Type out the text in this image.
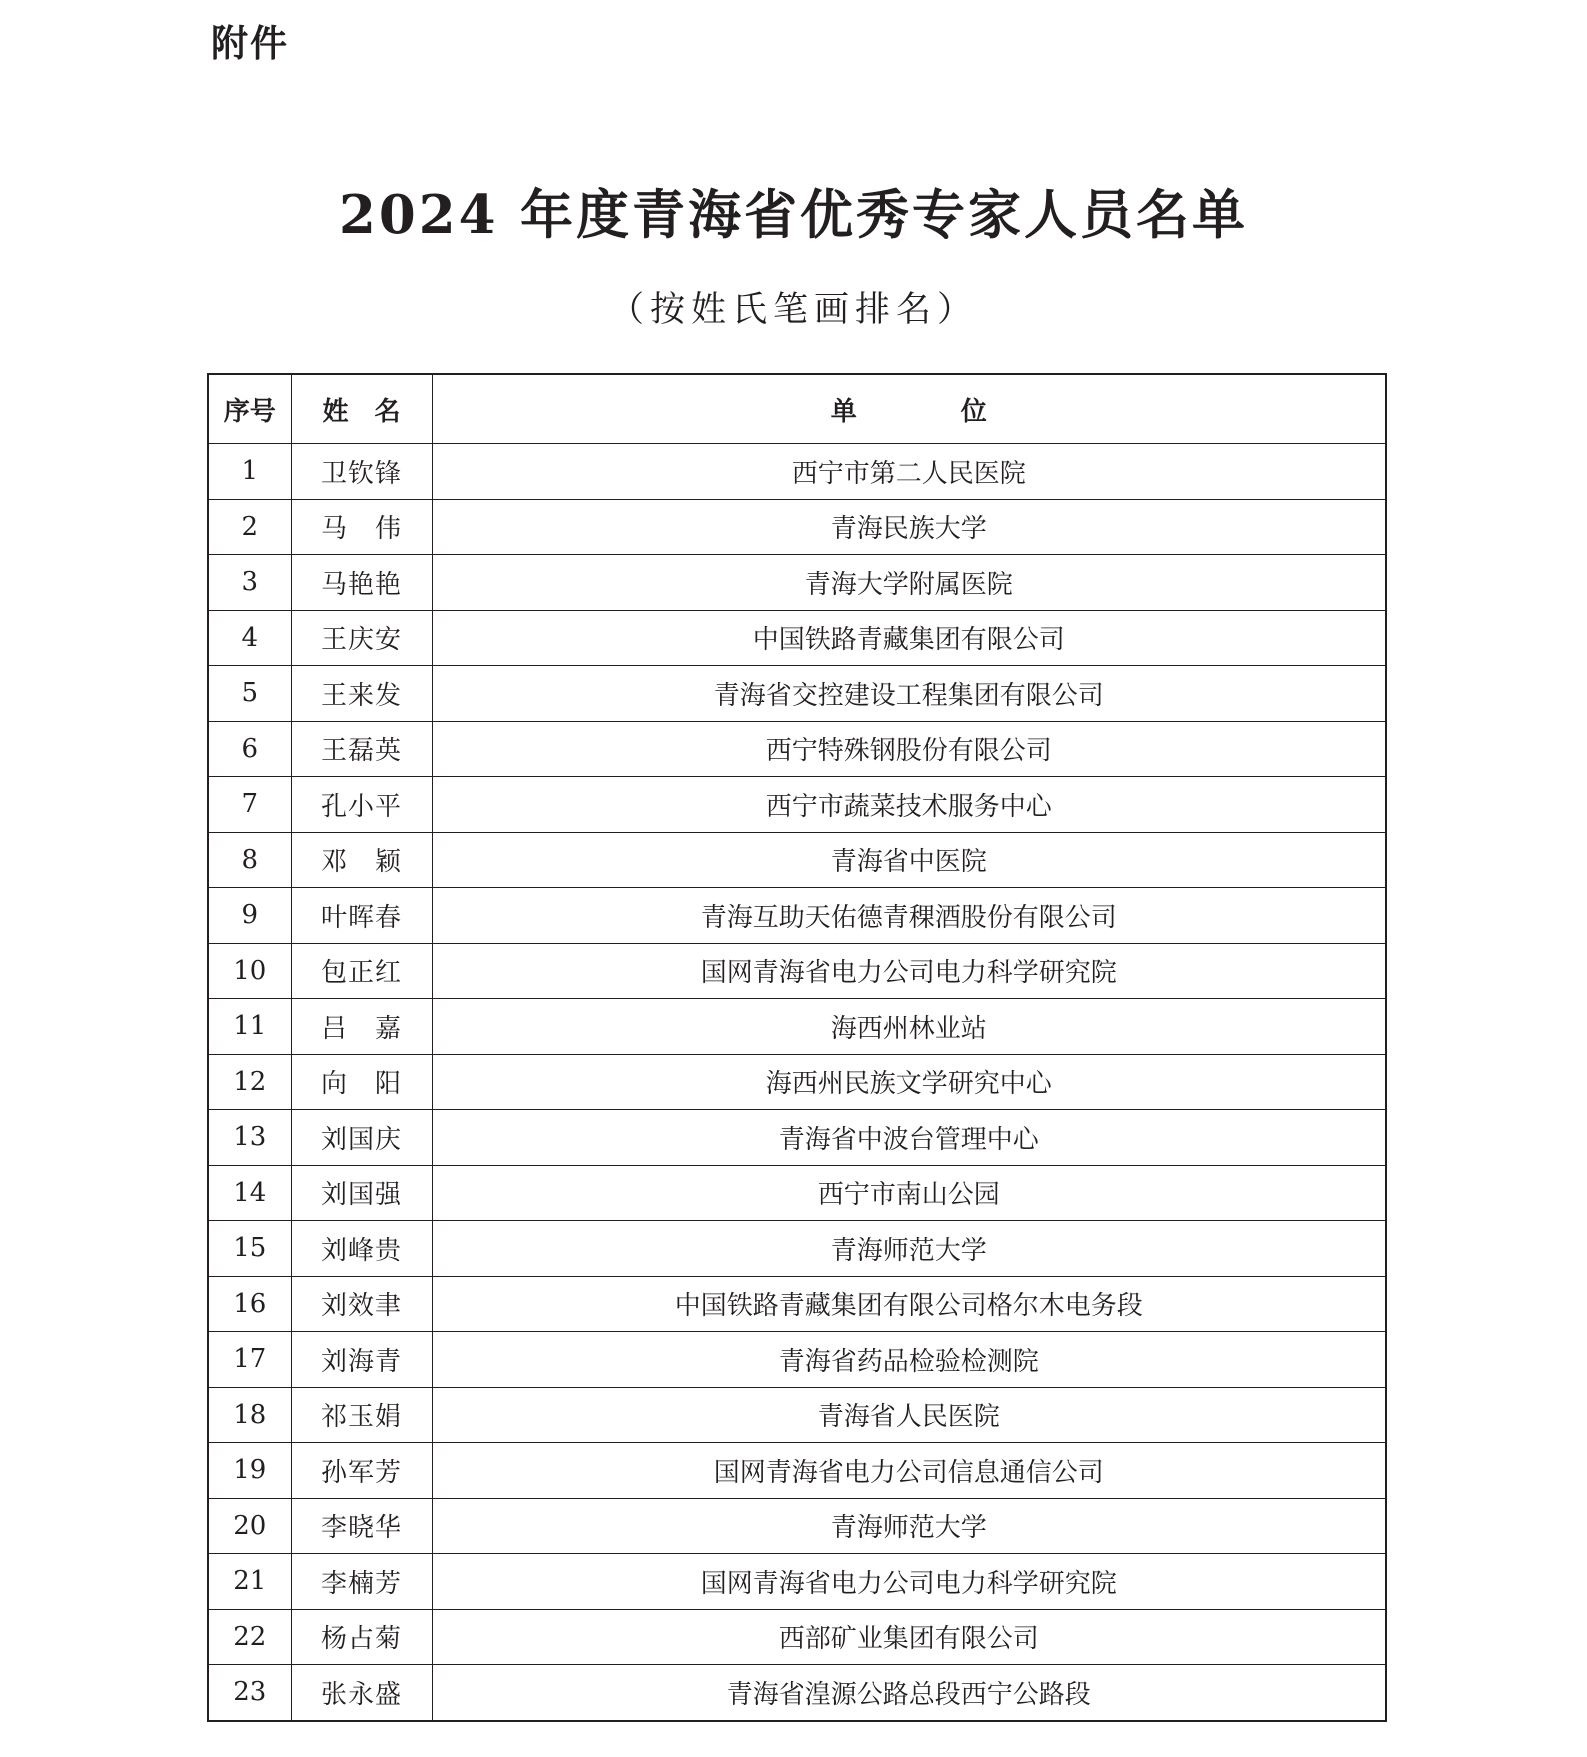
附件
2024 年度青海省优秀专家人员名单
（按姓氏笔画排名）
序号	姓　名	单　　　　位
1	卫钦锋	西宁市第二人民医院
2	马　伟	青海民族大学
3	马艳艳	青海大学附属医院
4	王庆安	中国铁路青藏集团有限公司
5	王来发	青海省交控建设工程集团有限公司
6	王磊英	西宁特殊钢股份有限公司
7	孔小平	西宁市蔬菜技术服务中心
8	邓　颖	青海省中医院
9	叶晖春	青海互助天佑德青稞酒股份有限公司
10	包正红	国网青海省电力公司电力科学研究院
11	吕　嘉	海西州林业站
12	向　阳	海西州民族文学研究中心
13	刘国庆	青海省中波台管理中心
14	刘国强	西宁市南山公园
15	刘峰贵	青海师范大学
16	刘效聿	中国铁路青藏集团有限公司格尔木电务段
17	刘海青	青海省药品检验检测院
18	祁玉娟	青海省人民医院
19	孙军芳	国网青海省电力公司信息通信公司
20	李晓华	青海师范大学
21	李楠芳	国网青海省电力公司电力科学研究院
22	杨占菊	西部矿业集团有限公司
23	张永盛	青海省湟源公路总段西宁公路段
